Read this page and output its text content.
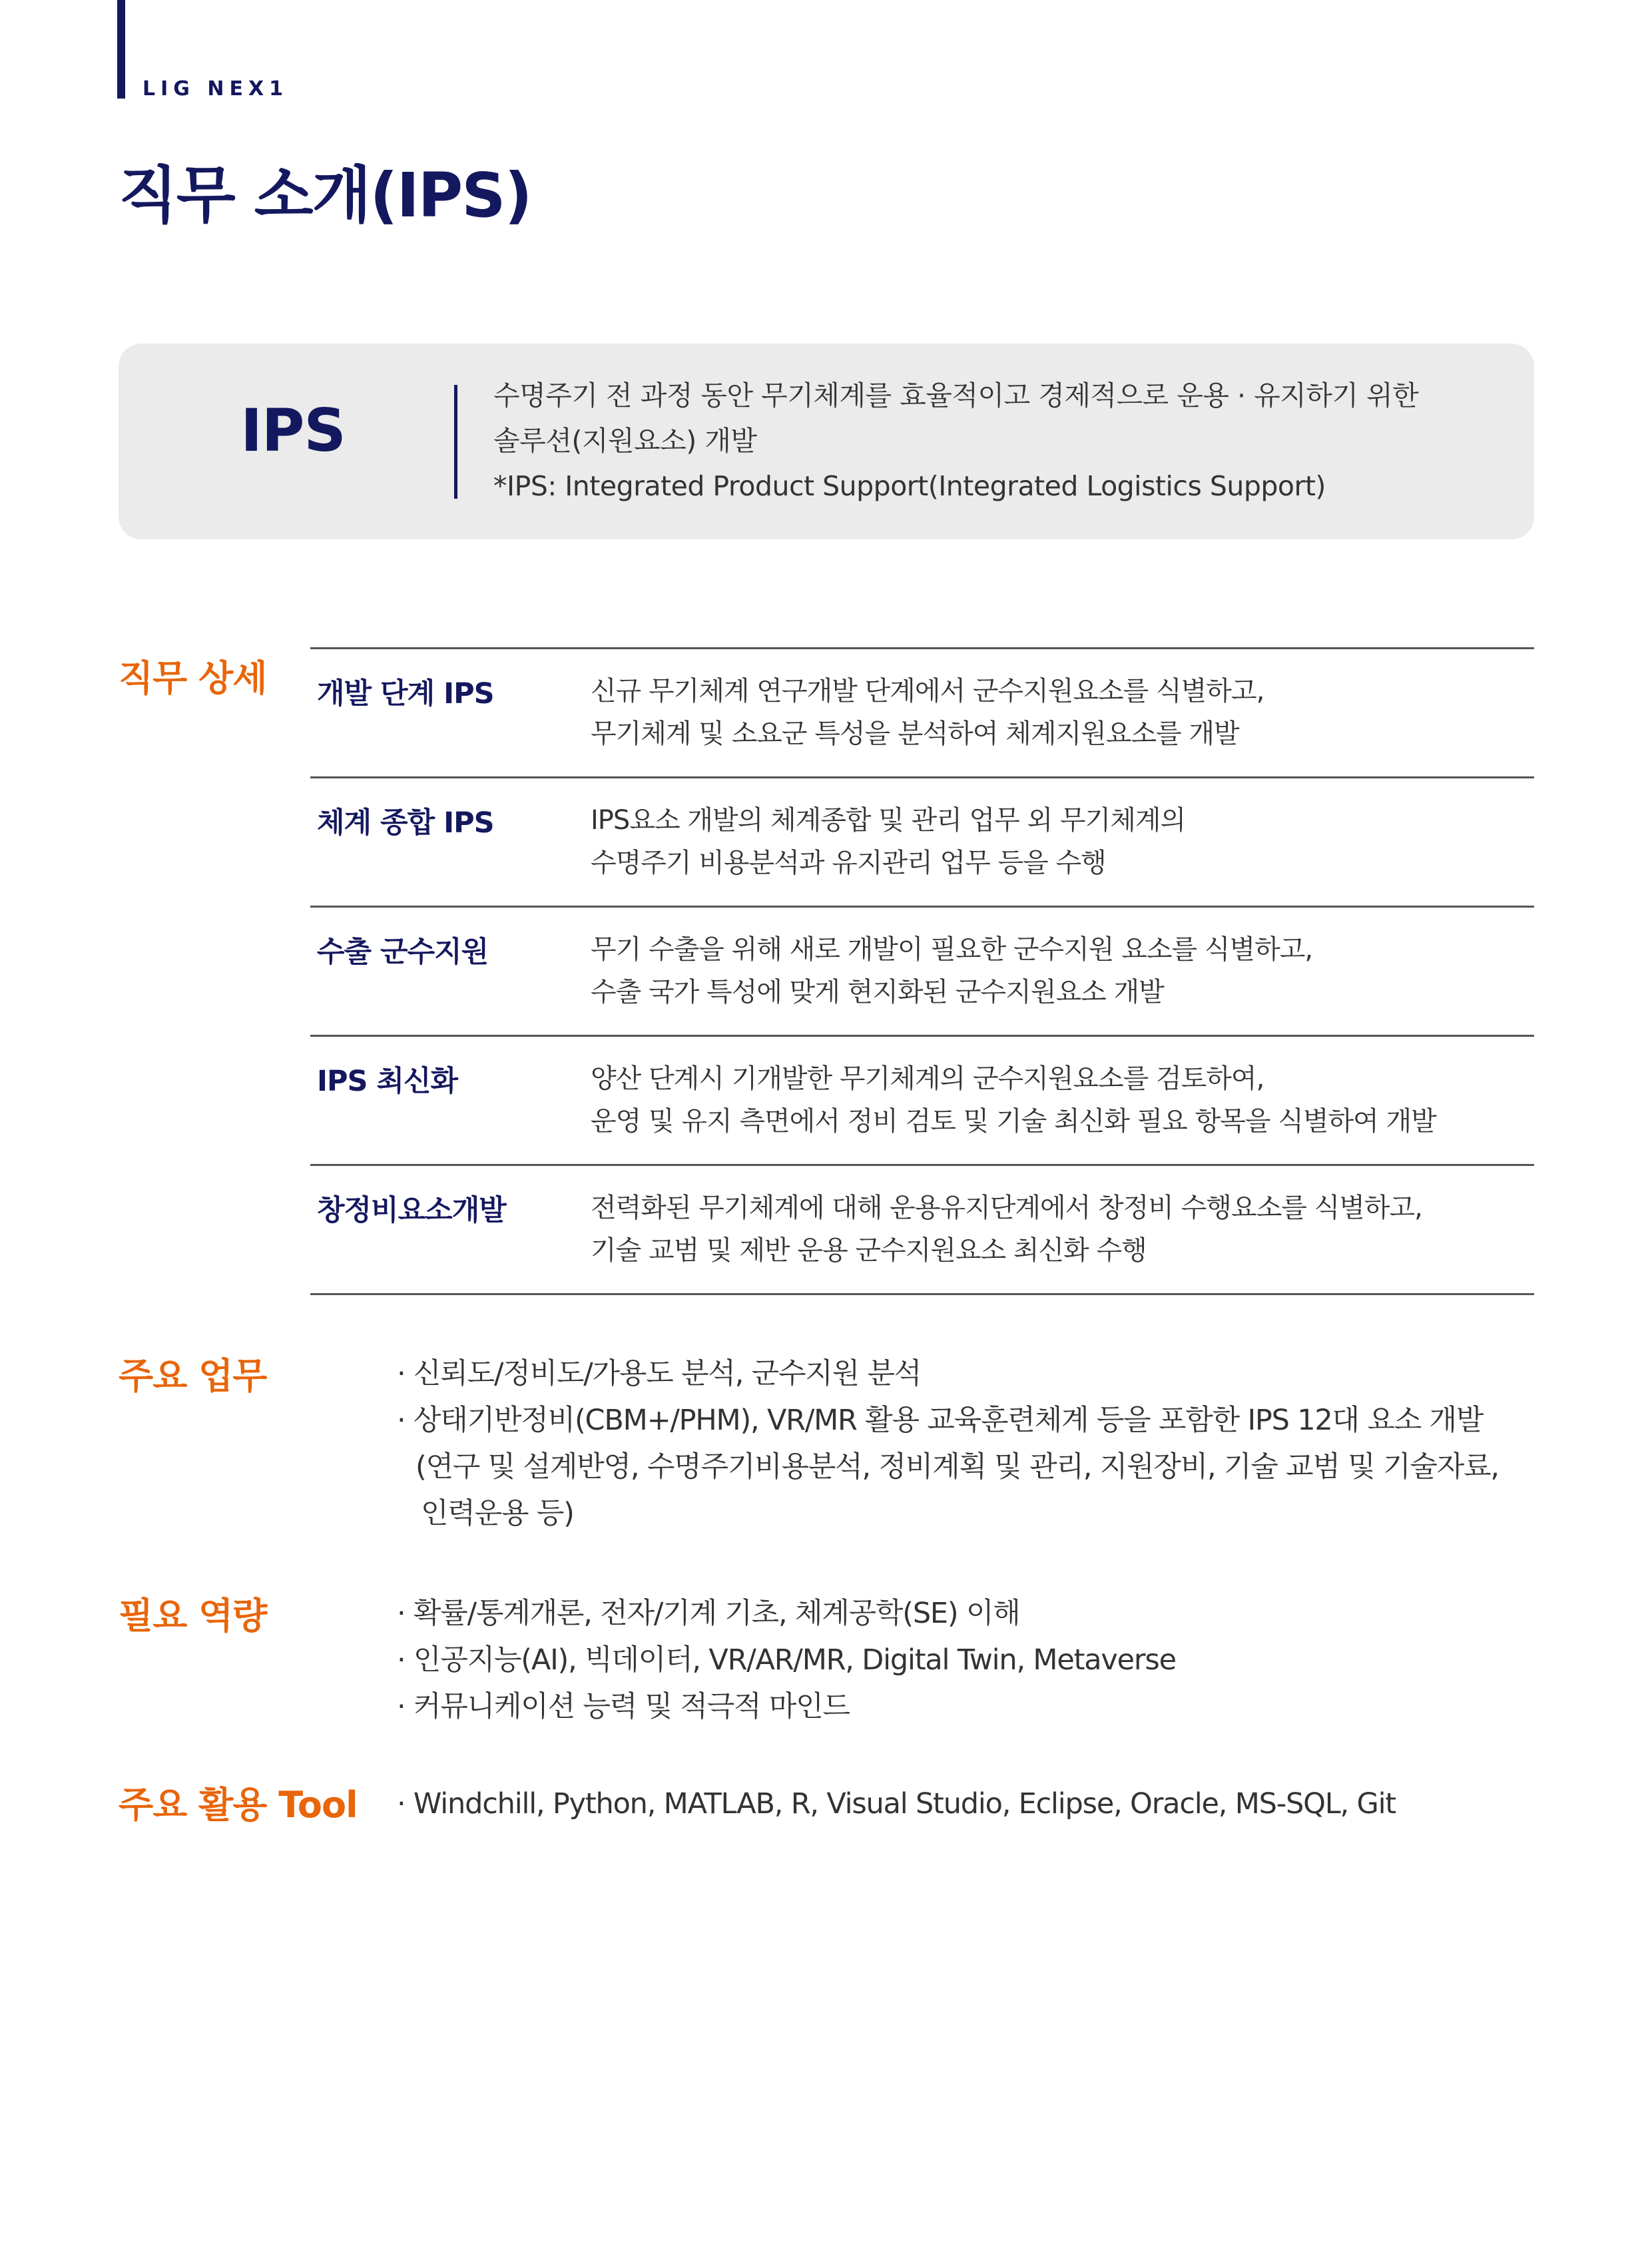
LIG NEX1
직무 소개(IPS)
IPS
수명주기 전 과정 동안 무기체계를 효율적이고 경제적으로 운용 · 유지하기 위한
솔루션(지원요소) 개발
*IPS: Integrated Product Support(Integrated Logistics Support)
직무 상세 개발 단계 IPS	신규 무기체계 연구개발 단계에서 군수지원요소를 식별하고,
무기체계 및 소요군 특성을 분석하여 체계지원요소를 개발
체계 종합 IPS	IPS요소 개발의 체계종합 및 관리 업무 외 무기체계의
수명주기 비용분석과 유지관리 업무 등을 수행
수출 군수지원	무기 수출을 위해 새로 개발이 필요한 군수지원 요소를 식별하고,
수출 국가 특성에 맞게 현지화된 군수지원요소 개발
IPS 최신화	양산 단계시 기개발한 무기체계의 군수지원요소를 검토하여,
운영 및 유지 측면에서 정비 검토 및 기술 최신화 필요 항목을 식별하여 개발
창정비요소개발	전력화된 무기체계에 대해 운용유지단계에서 창정비 수행요소를 식별하고,
기술 교범 및 제반 운용 군수지원요소 최신화 수행
주요 업무	· 신뢰도/정비도/가용도 분석, 군수지원 분석
· 상태기반정비(CBM+/PHM), VR/MR 활용 교육훈련체계 등을 포함한 IPS 12대 요소 개발
(연구 및 설계반영, 수명주기비용분석, 정비계획 및 관리, 지원장비, 기술 교범 및 기술자료,
인력운용 등)
필요 역량	· 확률/통계개론, 전자/기계 기초, 체계공학(SE) 이해
· 인공지능(AI), 빅데이터, VR/AR/MR, Digital Twin, Metaverse
· 커뮤니케이션 능력 및 적극적 마인드
주요 활용 Tool · Windchill, Python, MATLAB, R, Visual Studio, Eclipse, Oracle, MS-SQL, Git
